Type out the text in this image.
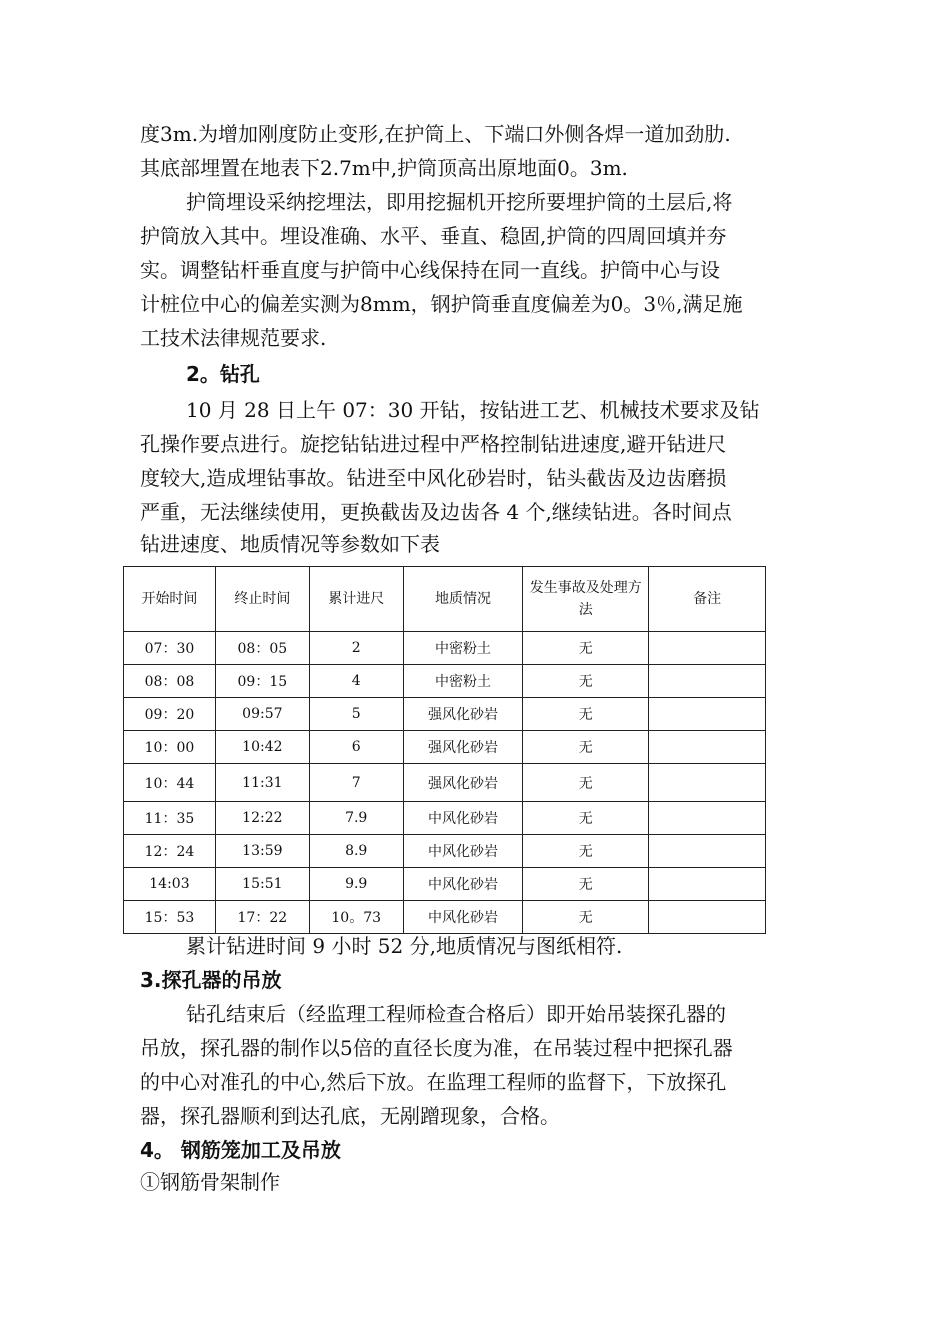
度3m.为增加刚度防止变形,在护筒上、下端口外侧各焊一道加劲肋.
其底部埋置在地表下2.7m中,护筒顶高出原地面0。3m.
护筒埋设采纳挖埋法，即用挖掘机开挖所要埋护筒的土层后,将
护筒放入其中。埋设准确、水平、垂直、稳固,护筒的四周回填并夯
实。调整钻杆垂直度与护筒中心线保持在同一直线。护筒中心与设
计桩位中心的偏差实测为8mm，钢护筒垂直度偏差为0。3％,满足施
工技术法律规范要求.
2。钻孔
10 月 28 日上午 07：30 开钻，按钻进工艺、机械技术要求及钻
孔操作要点进行。旋挖钻钻进过程中严格控制钻进速度,避开钻进尺
度较大,造成埋钻事故。钻进至中风化砂岩时，钻头截齿及边齿磨损
严重，无法继续使用，更换截齿及边齿各 4 个,继续钻进。各时间点
钻进速度、地质情况等参数如下表
开始时间	终止时间	累计进尺	地质情况	发生事故及处理方法	备注
07：30	08：05	2	中密粉土	无	
08：08	09：15	4	中密粉土	无	
09：20	09:57	5	强风化砂岩	无	
10：00	10:42	6	强风化砂岩	无	
10：44	11:31	7	强风化砂岩	无	
11：35	12:22	7.9	中风化砂岩	无	
12：24	13:59	8.9	中风化砂岩	无	
14:03	15:51	9.9	中风化砂岩	无	
15：53	17：22	10。73	中风化砂岩	无	
累计钻进时间 9 小时 52 分,地质情况与图纸相符.
3.探孔器的吊放
钻孔结束后（经监理工程师检查合格后）即开始吊装探孔器的
吊放，探孔器的制作以5倍的直径长度为准，在吊装过程中把探孔器
的中心对准孔的中心,然后下放。在监理工程师的监督下，下放探孔
器，探孔器顺利到达孔底，无剐蹭现象，合格。
4。 钢筋笼加工及吊放
①钢筋骨架制作
